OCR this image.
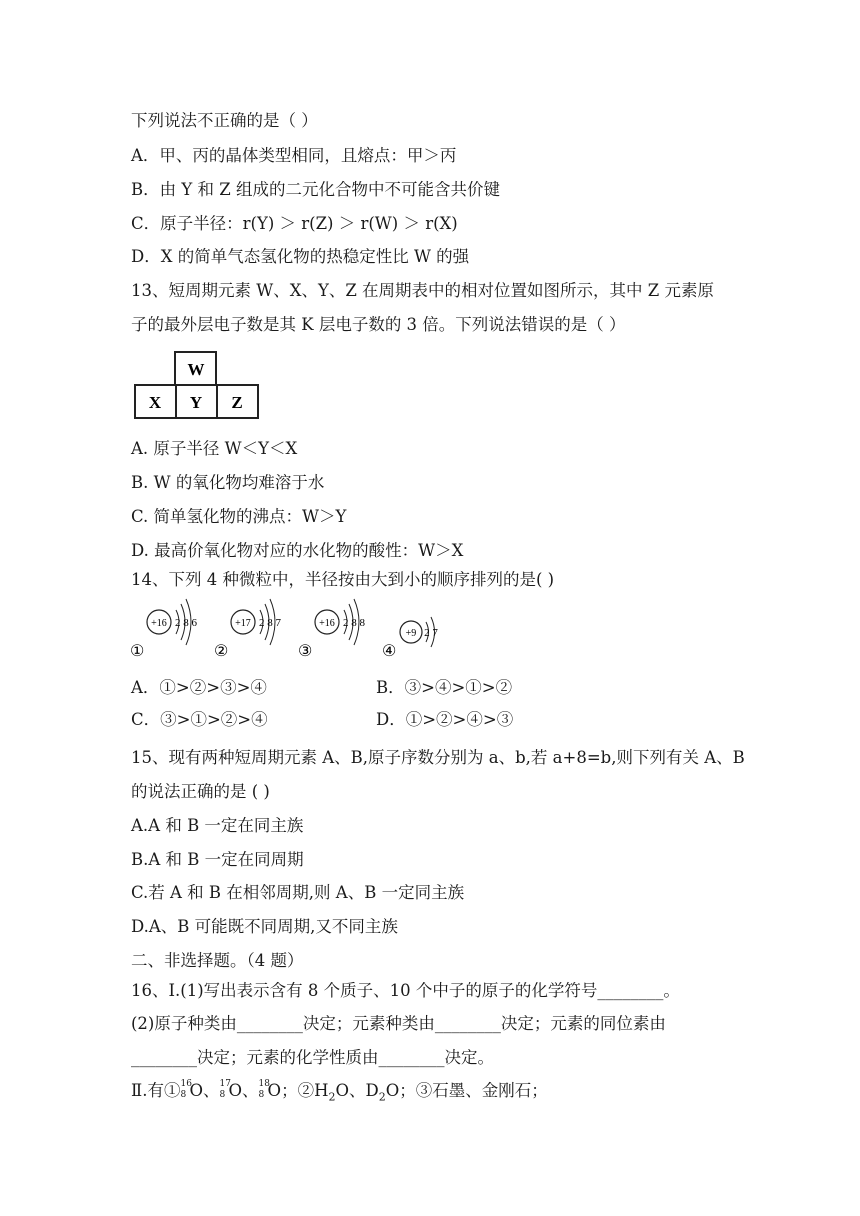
下列说法不正确的是（ ）
A．甲、丙的晶体类型相同，且熔点：甲＞丙
B．由 Y 和 Z 组成的二元化合物中不可能含共价键
C．原子半径：r(Y) ＞ r(Z) ＞ r(W) ＞ r(X)
D．X 的简单气态氢化物的热稳定性比 W 的强
13、短周期元素 W、X、Y、Z 在周期表中的相对位置如图所示，其中 Z 元素原
子的最外层电子数是其 K 层电子数的 3 倍。下列说法错误的是（ ）
W
X Y Z
A. 原子半径 W＜Y＜X
B. W 的氧化物均难溶于水
C. 简单氢化物的沸点：W＞Y
D. 最高价氧化物对应的水化物的酸性：W＞X
14、下列 4 种微粒中，半径按由大到小的顺序排列的是( )
+16 2 8 6
①
+17 2 8 7
②
+16 2 8 8
③
+9 2 7
④
A．①>②>③>④	B．③>④>①>②
C．③>①>②>④	D．①>②>④>③
15、现有两种短周期元素 A、B,原子序数分别为 a、b,若 a+8=b,则下列有关 A、B
的说法正确的是 ( )
A.A 和 B 一定在同主族
B.A 和 B 一定在同周期
C.若 A 和 B 在相邻周期,则 A、B 一定同主族
D.A、B 可能既不同周期,又不同主族
二、非选择题。（4 题）
16、Ⅰ.(1)写出表示含有 8 个质子、10 个中子的原子的化学符号________。
(2)原子种类由________决定；元素种类由________决定；元素的同位素由
________决定；元素的化学性质由________决定。
Ⅱ.有① 16
8 O、 17
8 O、 18
8 O；$②H_2O$、$D_2O$；③石墨、金刚石；
